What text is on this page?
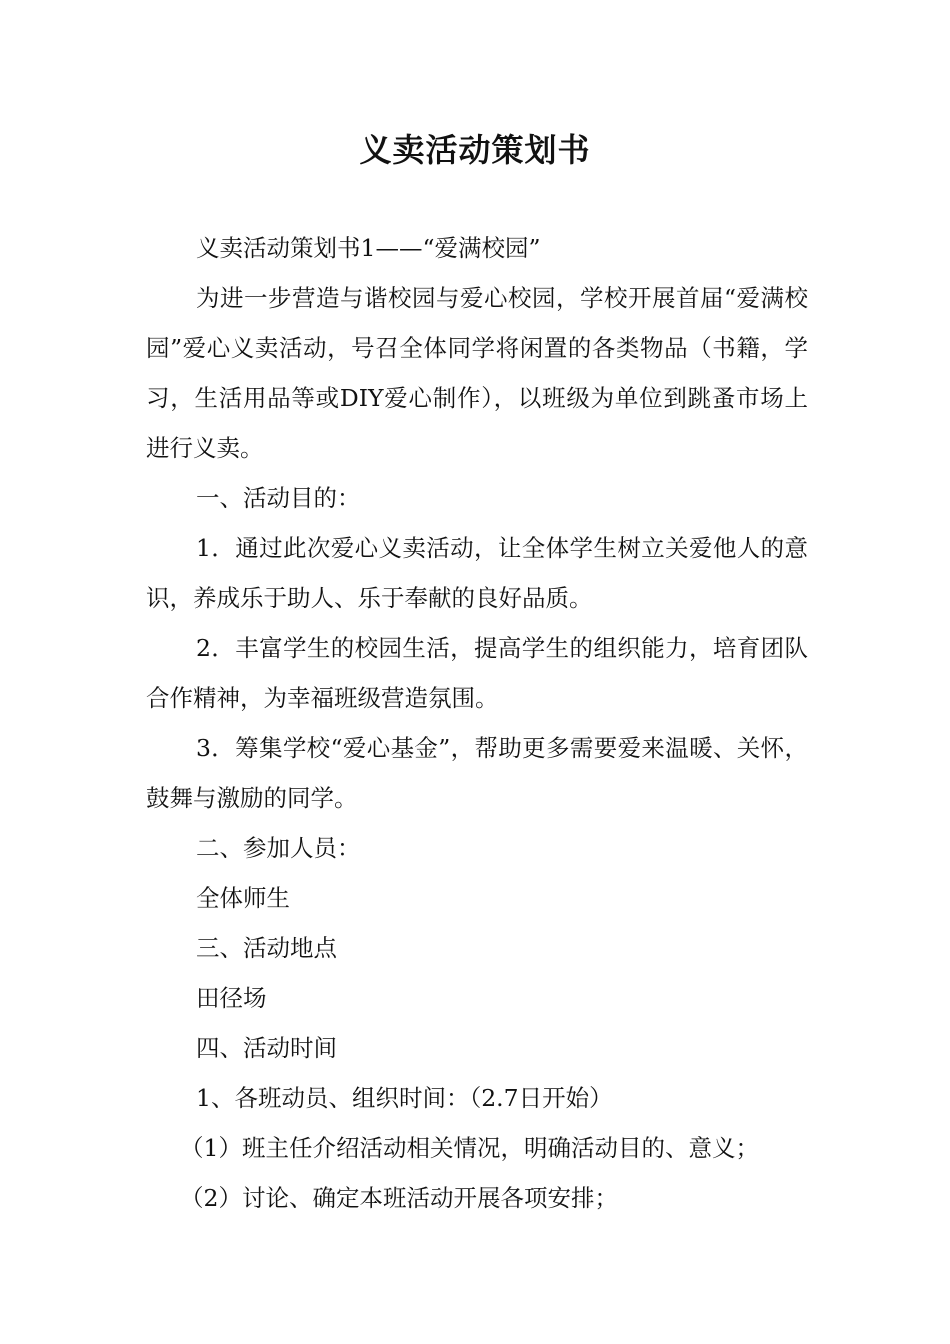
义卖活动策划书

义卖活动策划书1——“爱满校园”

为进一步营造与谐校园与爱心校园，学校开展首届“爱满校园”爱心义卖活动，号召全体同学将闲置的各类物品（书籍，学习，生活用品等或DIY爱心制作），以班级为单位到跳蚤市场上进行义卖。

一、活动目的：

1．通过此次爱心义卖活动，让全体学生树立关爱他人的意识，养成乐于助人、乐于奉献的良好品质。

2．丰富学生的校园生活，提高学生的组织能力，培育团队合作精神，为幸福班级营造氛围。

3．筹集学校“爱心基金”，帮助更多需要爱来温暖、关怀，鼓舞与激励的同学。

二、参加人员：

全体师生

三、活动地点

田径场

四、活动时间

1、各班动员、组织时间：（2.7日开始）

（1）班主任介绍活动相关情况，明确活动目的、意义；

（2）讨论、确定本班活动开展各项安排；
